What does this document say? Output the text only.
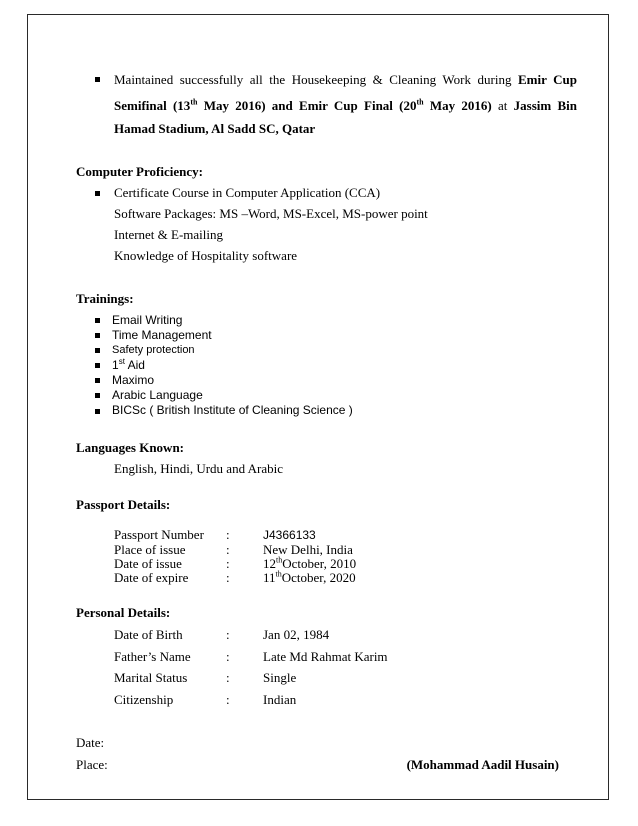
Maintained successfully all the Housekeeping & Cleaning Work during Emir Cup
Semifinal (13th May 2016) and Emir Cup Final (20th May 2016) at Jassim Bin
Hamad Stadium, Al Sadd SC, Qatar
Computer Proficiency:
Certificate Course in Computer Application (CCA)
Software Packages: MS –Word, MS-Excel, MS-power point
Internet & E-mailing
Knowledge of Hospitality software
Trainings:
Email Writing
Time Management
Safety protection
1st Aid
Maximo
Arabic Language
BICSc ( British Institute of Cleaning Science )
Languages Known:
English, Hindi, Urdu and Arabic
Passport Details:
Passport Number :	J4366133
Place of issue	:	New Delhi, India
Date of issue	:	12thOctober, 2010
Date of expire	:	11thOctober, 2020
Personal Details:
Date of Birth	:	Jan 02, 1984
Father’s Name	:	Late Md Rahmat Karim
Marital Status	:	Single
Citizenship	:	Indian
Date:
Place:	(Mohammad Aadil Husain)
